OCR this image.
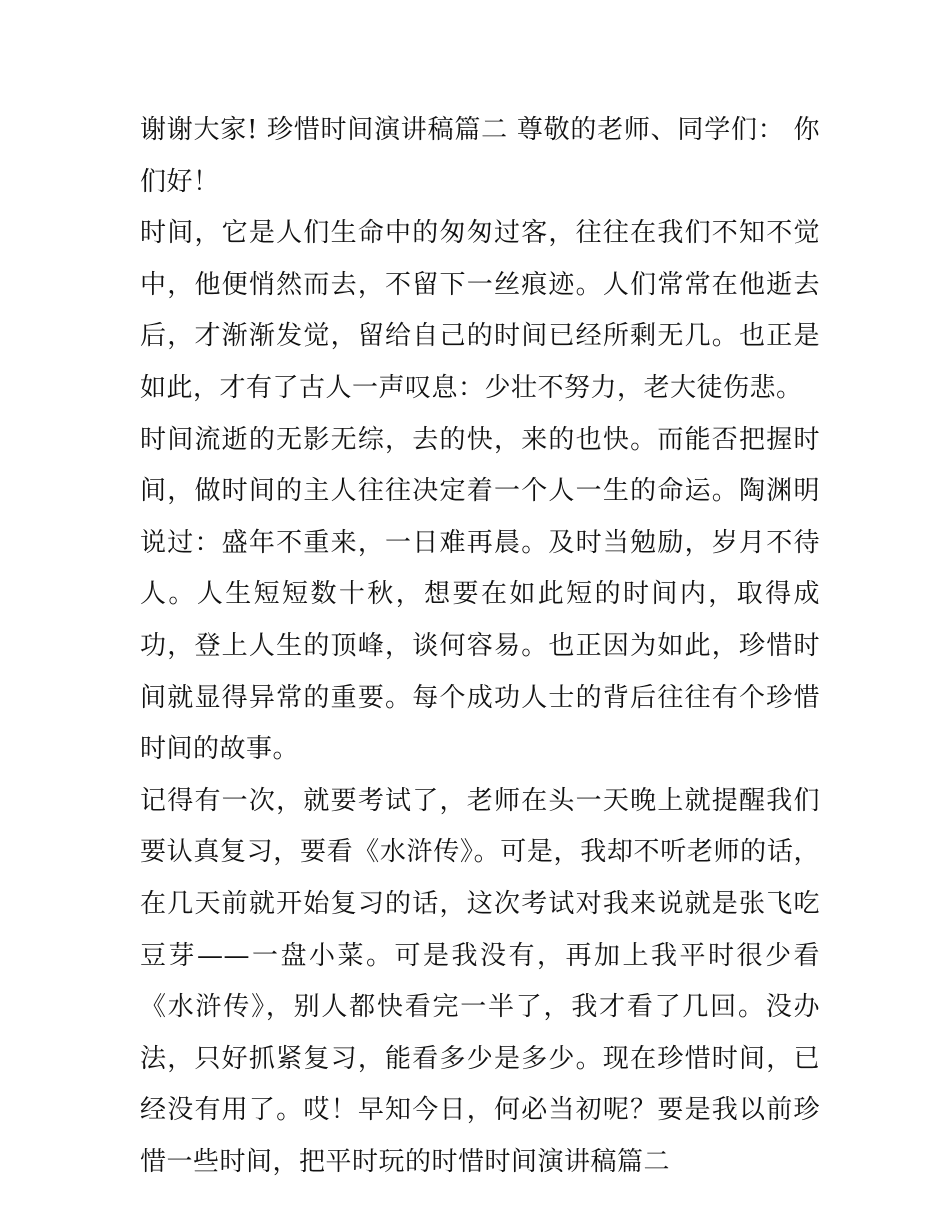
谢谢大家! 珍惜时间演讲稿篇二 尊敬的老师、同学们： 你们好！

时间，它是人们生命中的匆匆过客，往往在我们不知不觉中，他便悄然而去，不留下一丝痕迹。人们常常在他逝去后，才渐渐发觉，留给自己的时间已经所剩无几。也正是如此，才有了古人一声叹息：少壮不努力，老大徒伤悲。

时间流逝的无影无综，去的快，来的也快。而能否把握时间，做时间的主人往往决定着一个人一生的命运。陶渊明说过：盛年不重来，一日难再晨。及时当勉励，岁月不待人。人生短短数十秋，想要在如此短的时间内，取得成功，登上人生的顶峰，谈何容易。也正因为如此，珍惜时间就显得异常的重要。每个成功人士的背后往往有个珍惜时间的故事。

记得有一次，就要考试了，老师在头一天晚上就提醒我们要认真复习，要看《水浒传》。可是，我却不听老师的话，在几天前就开始复习的话，这次考试对我来说就是张飞吃豆芽——一盘小菜。可是我没有，再加上我平时很少看《水浒传》，别人都快看完一半了，我才看了几回。没办法，只好抓紧复习，能看多少是多少。现在珍惜时间，已经没有用了。哎！早知今日，何必当初呢？要是我以前珍惜一些时间，把平时玩的时惜时间演讲稿篇二
